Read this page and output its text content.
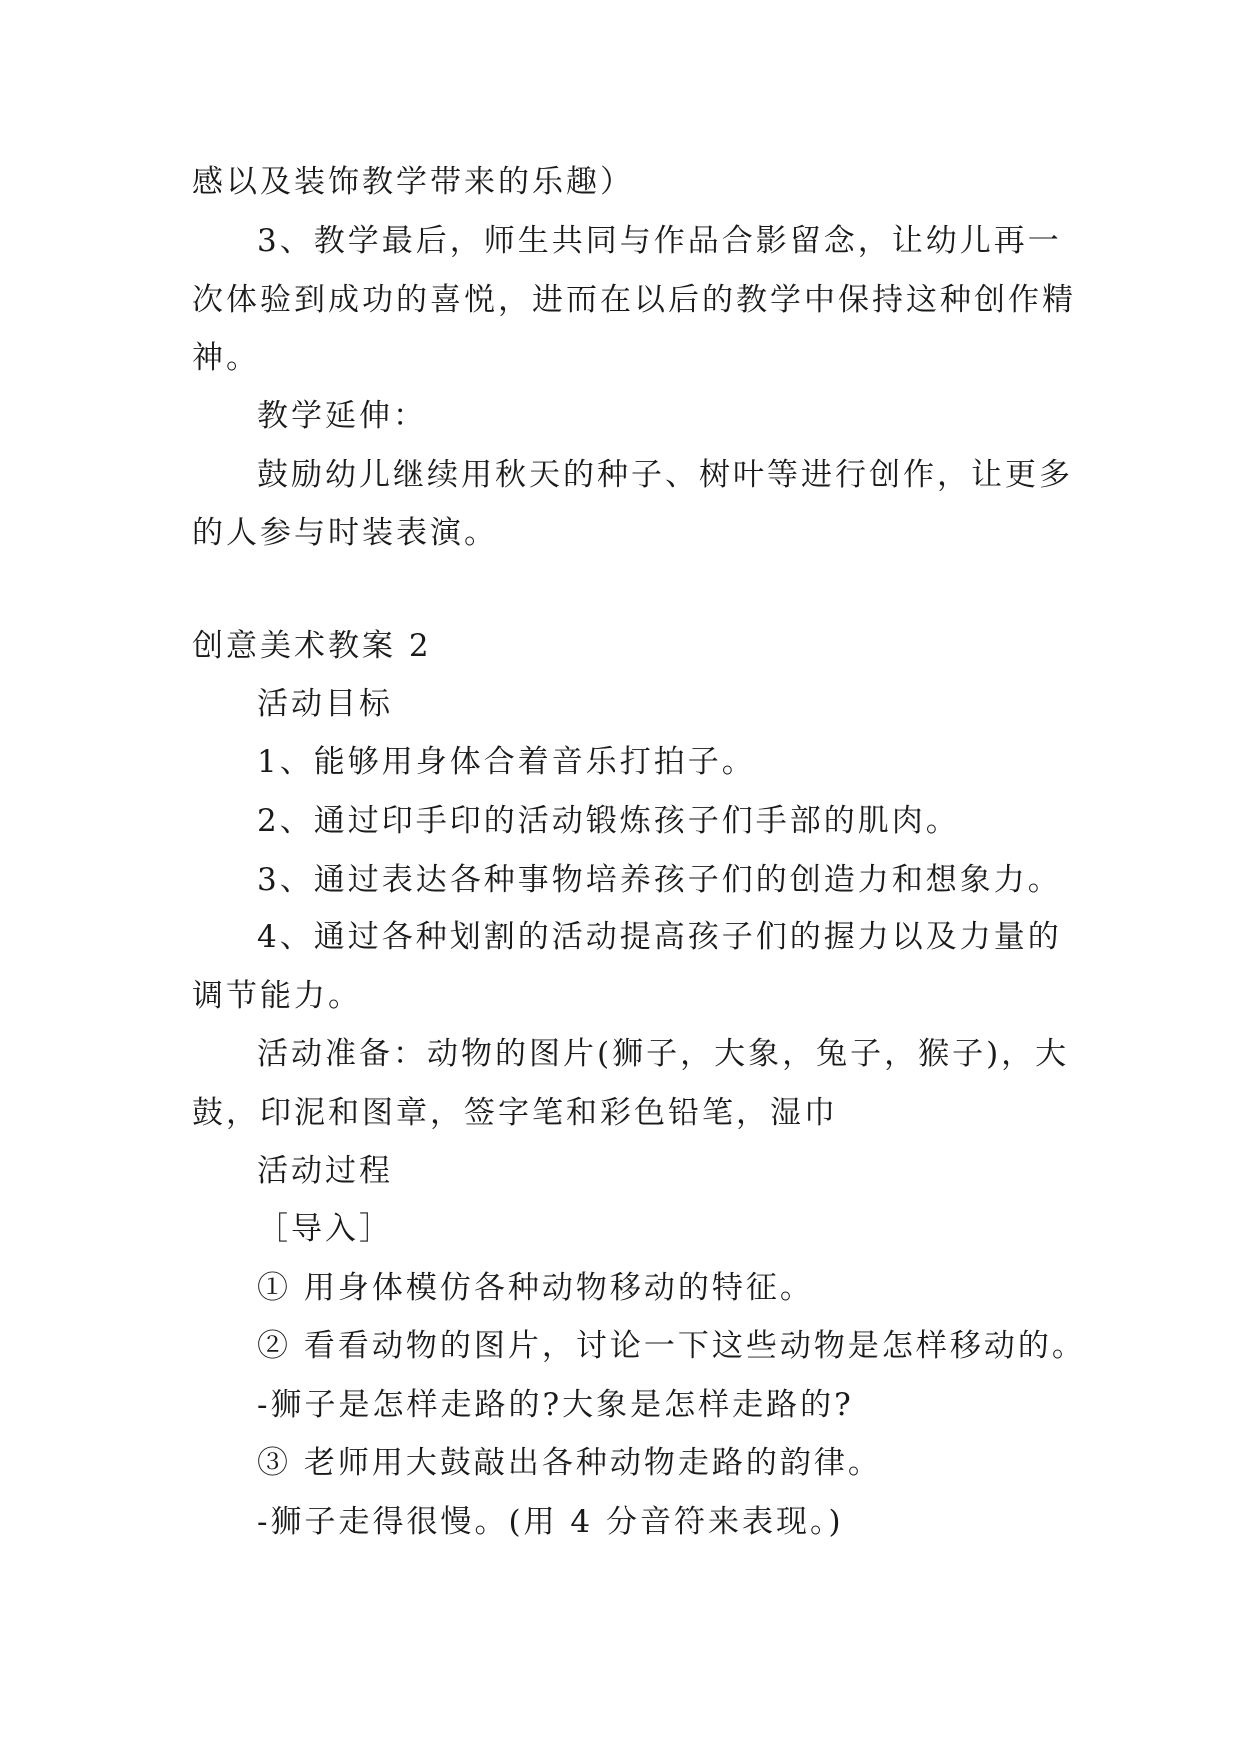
感以及装饰教学带来的乐趣）

3、教学最后，师生共同与作品合影留念，让幼儿再一

次体验到成功的喜悦，进而在以后的教学中保持这种创作精

神。

教学延伸：

鼓励幼儿继续用秋天的种子、树叶等进行创作，让更多

的人参与时装表演。

创意美术教案 2

活动目标

1、能够用身体合着音乐打拍子。

2、通过印手印的活动锻炼孩子们手部的肌肉。

3、通过表达各种事物培养孩子们的创造力和想象力。

4、通过各种划割的活动提高孩子们的握力以及力量的

调节能力。

活动准备：动物的图片(狮子，大象，兔子，猴子)，大

鼓，印泥和图章，签字笔和彩色铅笔，湿巾

活动过程

［导入］

① 用身体模仿各种动物移动的特征。

② 看看动物的图片，讨论一下这些动物是怎样移动的。

-狮子是怎样走路的?大象是怎样走路的?

③ 老师用大鼓敲出各种动物走路的韵律。

-狮子走得很慢。(用 4 分音符来表现。)
